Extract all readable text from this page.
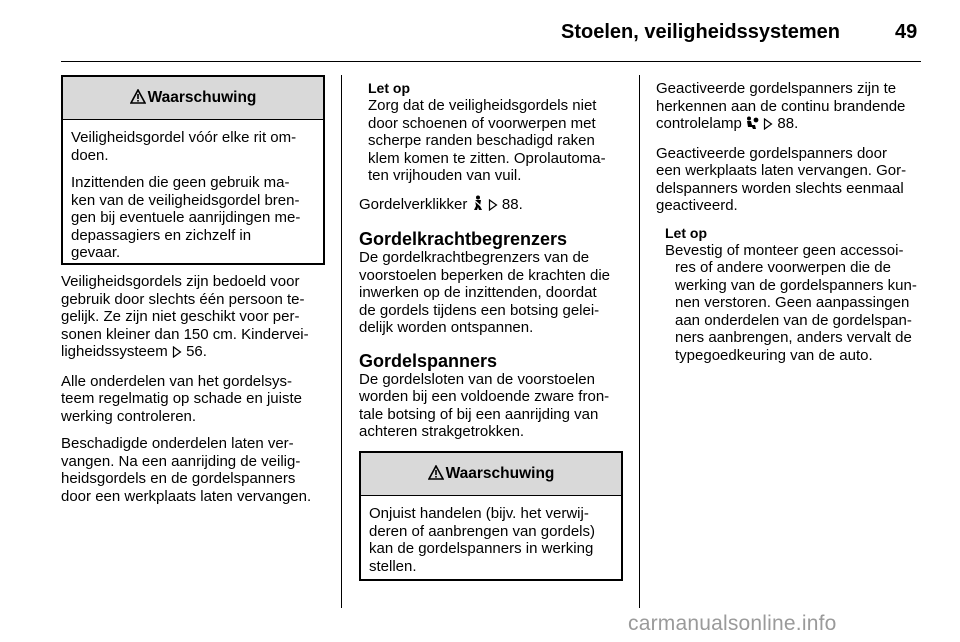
Stoelen, veiligheidssystemen	49
Waarschuwing

Veiligheidsgordel vóór elke rit om-
doen.

Inzittenden die geen gebruik ma-
ken van de veiligheidsgordel bren-
gen bij eventuele aanrijdingen me-
depassagiers en zichzelf in
gevaar.

Veiligheidsgordels zijn bedoeld voor
gebruik door slechts één persoon te-
gelijk. Ze zijn niet geschikt voor per-
sonen kleiner dan 150 cm. Kindervei-
ligheidssysteem 56.

Alle onderdelen van het gordelsys-
teem regelmatig op schade en juiste
werking controleren.

Beschadigde onderdelen laten ver-
vangen. Na een aanrijding de veilig-
heidsgordels en de gordelspanners
door een werkplaats laten vervangen.

Let op
Zorg dat de veiligheidsgordels niet
door schoenen of voorwerpen met
scherpe randen beschadigd raken
klem komen te zitten. Oprolautoma-
ten vrijhouden van vuil.

Gordelverklikker 88.

Gordelkrachtbegrenzers

De gordelkrachtbegrenzers van de
voorstoelen beperken de krachten die
inwerken op de inzittenden, doordat
de gordels tijdens een botsing gelei-
delijk worden ontspannen.

Gordelspanners

De gordelsloten van de voorstoelen
worden bij een voldoende zware fron-
tale botsing of bij een aanrijding van
achteren strakgetrokken.

Waarschuwing

Onjuist handelen (bijv. het verwij-
deren of aanbrengen van gordels)
kan de gordelspanners in werking
stellen.

Geactiveerde gordelspanners zijn te
herkennen aan de continu brandende
controlelamp 88.

Geactiveerde gordelspanners door
een werkplaats laten vervangen. Gor-
delspanners worden slechts eenmaal
geactiveerd.

Let op
Bevestig of monteer geen accessoi-
res of andere voorwerpen die de
werking van de gordelspanners kun-
nen verstoren. Geen aanpassingen
aan onderdelen van de gordelspan-
ners aanbrengen, anders vervalt de
typegoedkeuring van de auto.
carmanualsonline.info
